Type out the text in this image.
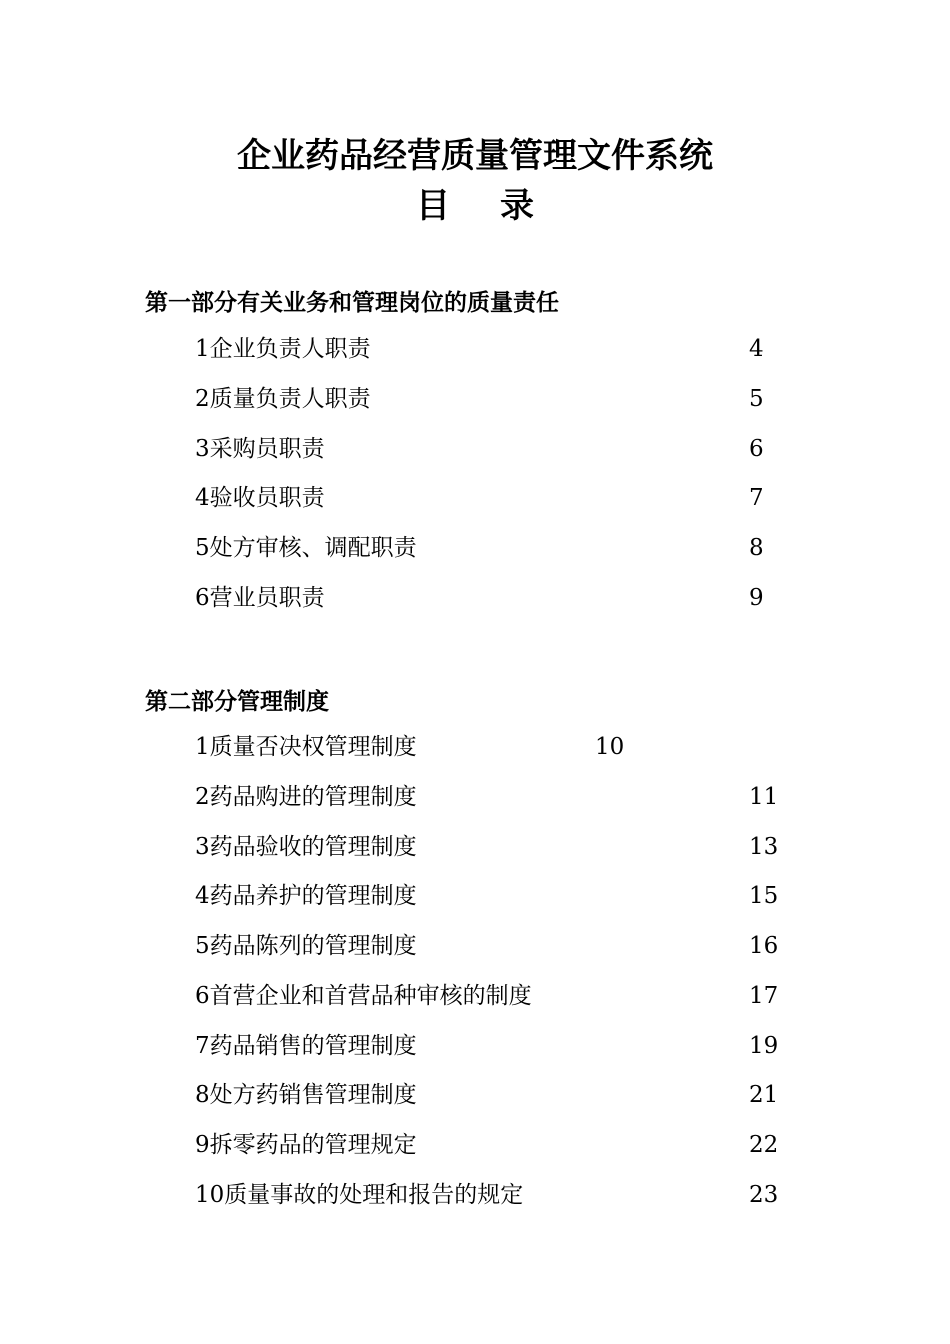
企业药品经营质量管理文件系统
目录
第一部分有关业务和管理岗位的质量责任
1企业负责人职责	4
2质量负责人职责	5
3采购员职责	6
4验收员职责	7
5处方审核、调配职责	8
6营业员职责	9
第二部分管理制度
1质量否决权管理制度	10
2药品购进的管理制度	11
3药品验收的管理制度	13
4药品养护的管理制度	15
5药品陈列的管理制度	16
6首营企业和首营品种审核的制度	17
7药品销售的管理制度	19
8处方药销售管理制度	21
9拆零药品的管理规定	22
10质量事故的处理和报告的规定	23
